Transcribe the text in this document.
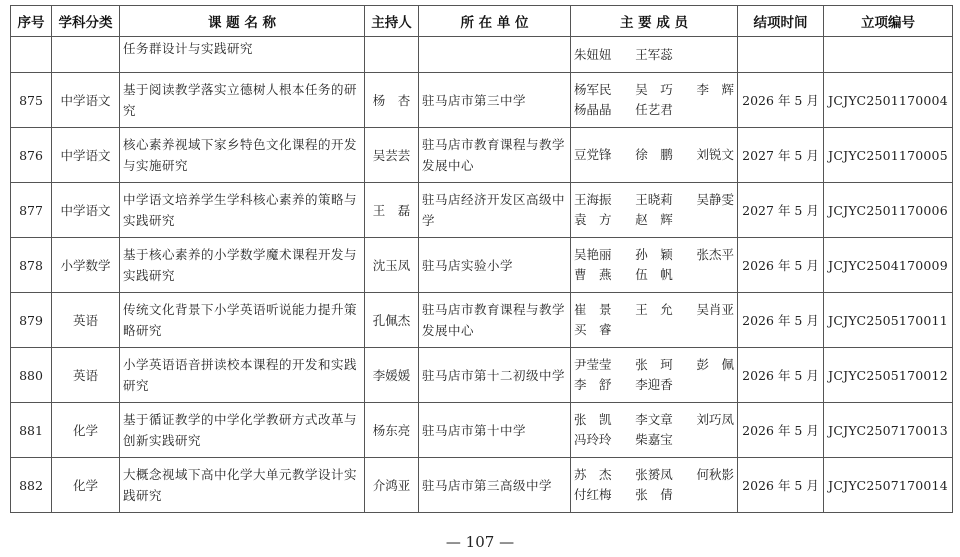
序号	学科分类	课 题 名 称	主持人	所 在 单 位	主 要 成 员	结项时间	立项编号
		任务群设计与实践研究			朱妞妞 王军蕊		

875	中学语文	基于阅读教学落实立德树人根本任务的研究	杨　杏	驻马店市第三中学	杨军民 吴　巧 李　辉
杨晶晶 任艺君	2026 年 5 月	JCJYC2501170004
876	中学语文	核心素养视域下家乡特色文化课程的开发与实施研究	吴芸芸	驻马店市教育课程与教学发展中心	豆党锋 徐　鹏 刘锐文	2027 年 5 月	JCJYC2501170005
877	中学语文	中学语文培养学生学科核心素养的策略与实践研究	王　磊	驻马店经济开发区高级中学	王海振 王晓莉 吴静雯
袁　方 赵　辉	2027 年 5 月	JCJYC2501170006
878	小学数学	基于核心素养的小学数学魔术课程开发与实践研究	沈玉凤	驻马店实验小学	吴艳丽 孙　颖 张杰平
曹　燕 伍　帆	2026 年 5 月	JCJYC2504170009
879	英语	传统文化背景下小学英语听说能力提升策略研究	孔佩杰	驻马店市教育课程与教学发展中心	崔　景 王　允 吴肖亚
买　睿	2026 年 5 月	JCJYC2505170011
880	英语	小学英语语音拼读校本课程的开发和实践研究	李媛媛	驻马店市第十二初级中学	尹莹莹 张　珂 彭　佩
李　舒 李迎香	2026 年 5 月	JCJYC2505170012
881	化学	基于循证教学的中学化学教研方式改革与创新实践研究	杨东亮	驻马店市第十中学	张　凯 李文章 刘巧凤
冯玲玲 柴嘉宝	2026 年 5 月	JCJYC2507170013
882	化学	大概念视域下高中化学大单元教学设计实践研究	介鸿亚	驻马店市第三高级中学	苏　杰 张赟凤 何秋影
付红梅 张　倩	2026 年 5 月	JCJYC2507170014
— 107 —
